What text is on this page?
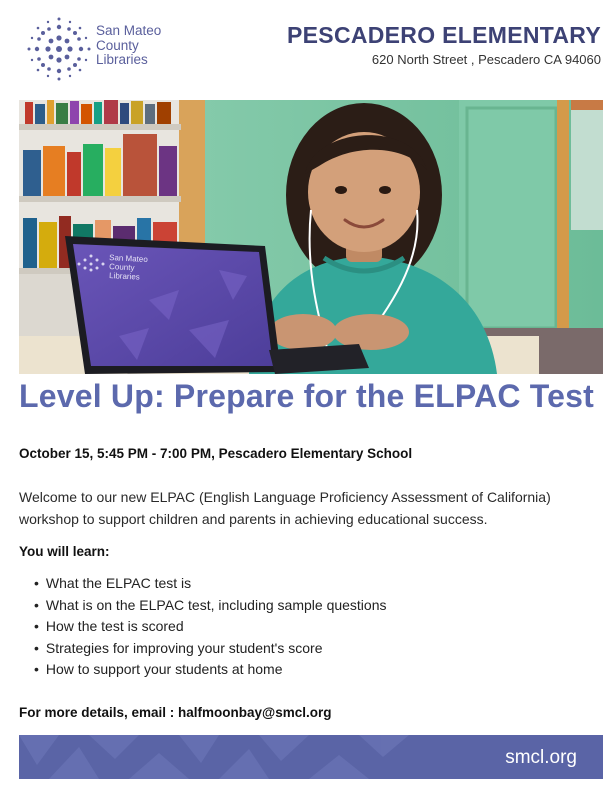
San Mateo
County
Libraries
PESCADERO ELEMENTARY
620 North Street , Pescadero CA 94060
San Mateo
County
Libraries
Level Up: Prepare for the ELPAC Test
October 15, 5:45 PM - 7:00 PM, Pescadero Elementary School
Welcome to our new ELPAC (English Language Proficiency Assessment of California) workshop to support children and parents in achieving educational success.
You will learn:
• What the ELPAC test is
• What is on the ELPAC test, including sample questions
• How the test is scored
• Strategies for improving your student's score
• How to support your students at home
For more details, email : halfmoonbay@smcl.org
smcl.org
